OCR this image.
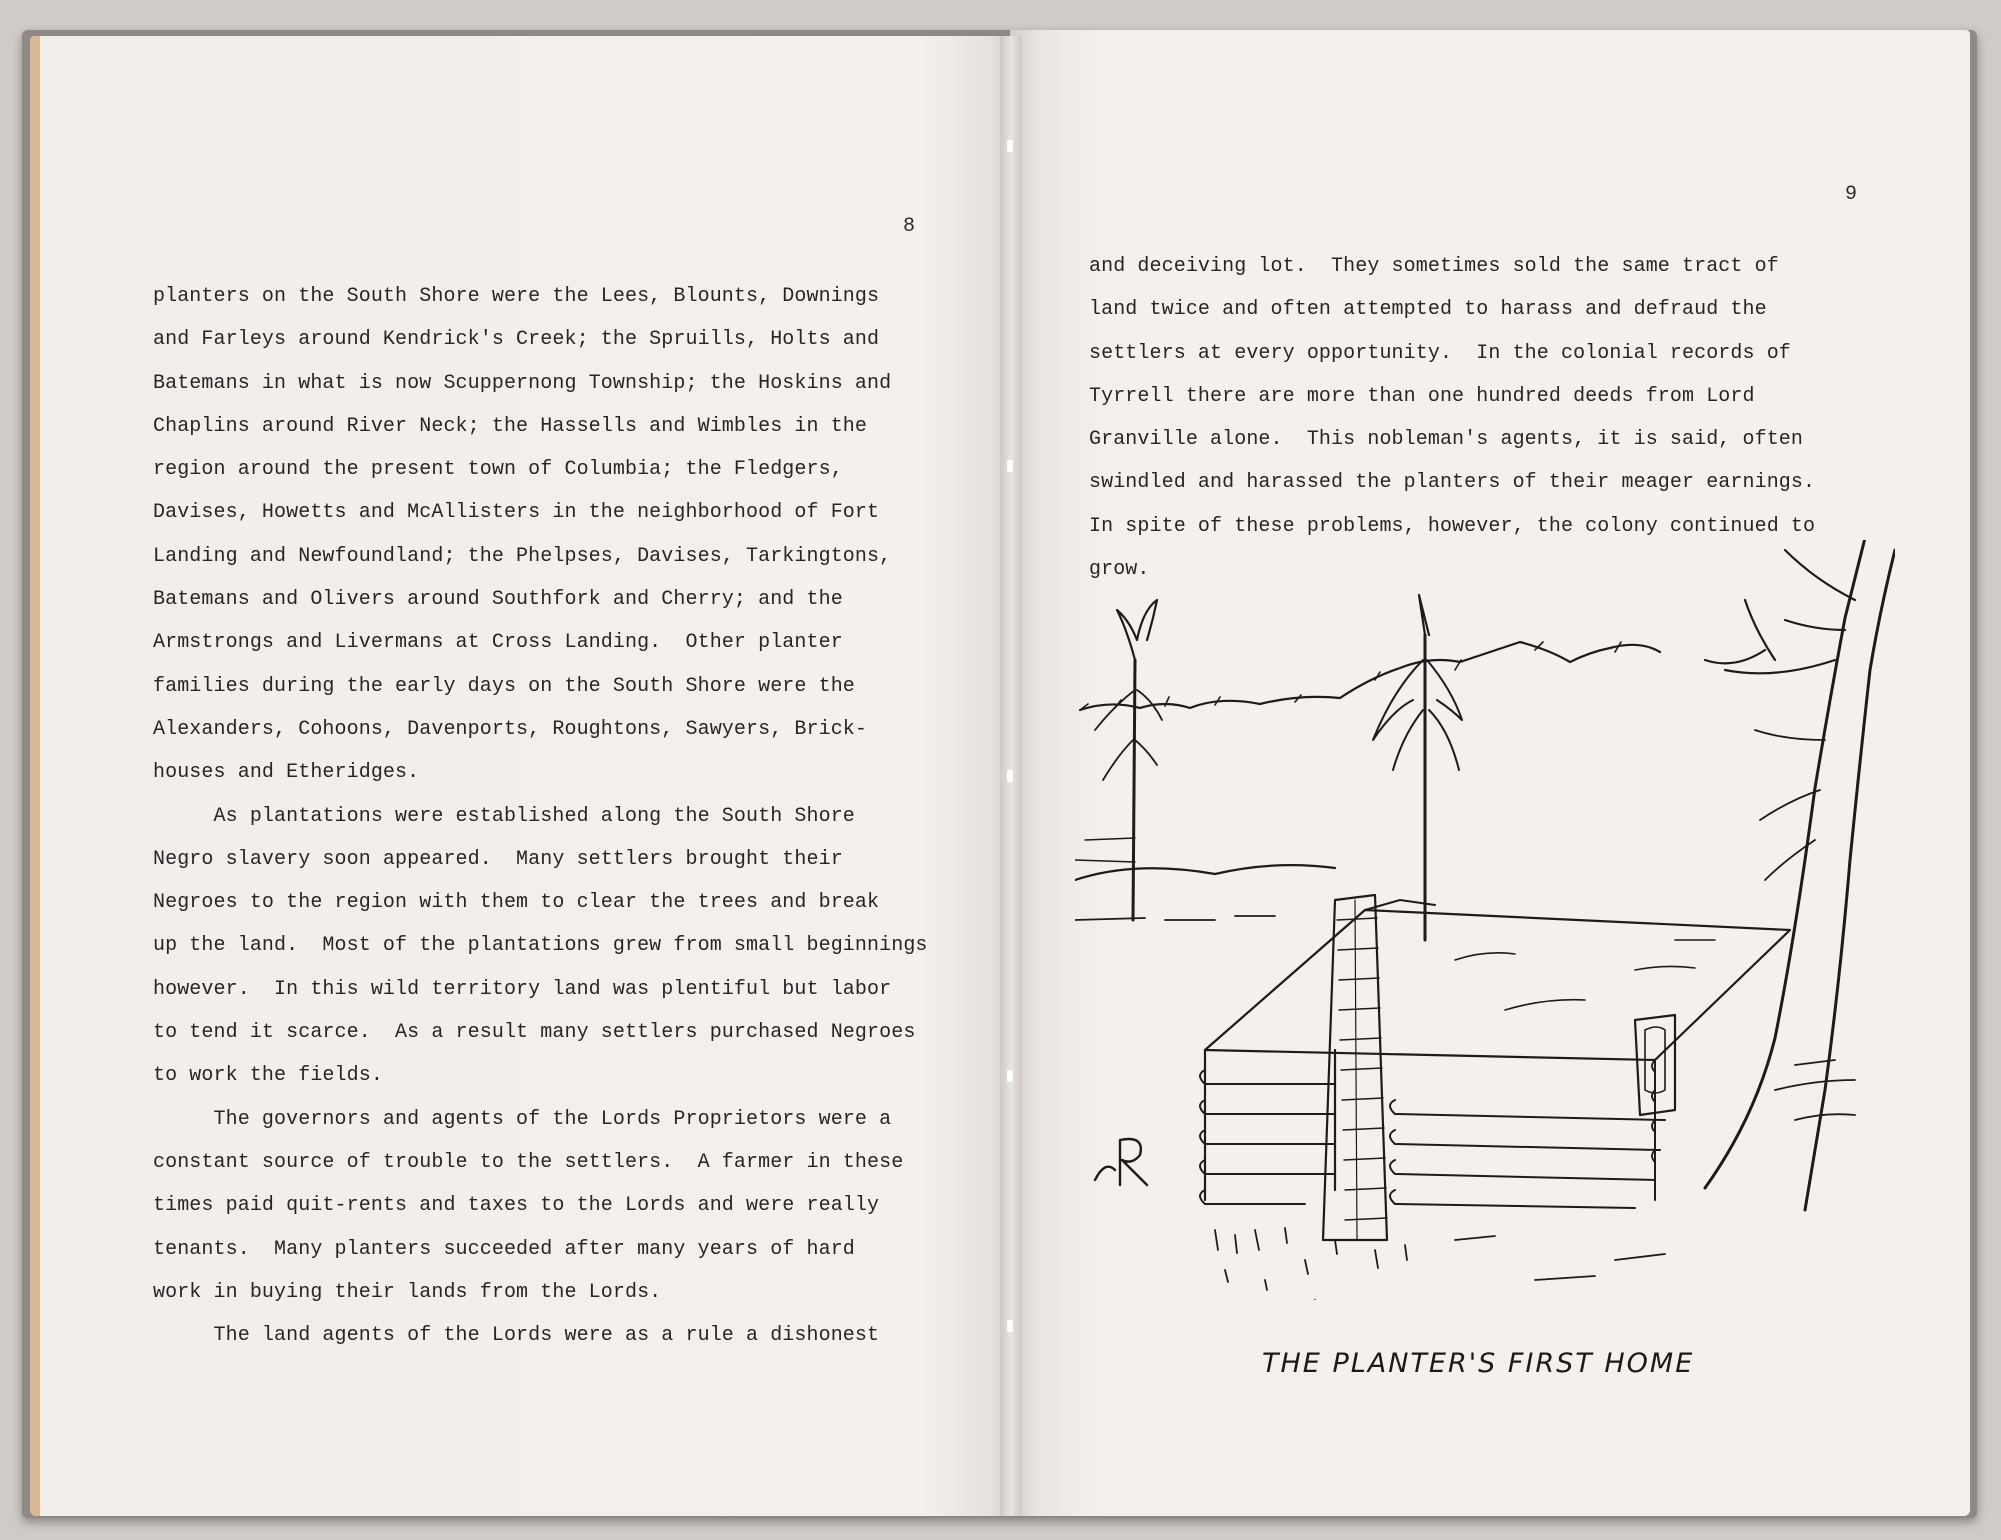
8
planters on the South Shore were the Lees, Blounts, Downings
and Farleys around Kendrick's Creek; the Spruills, Holts and
Batemans in what is now Scuppernong Township; the Hoskins and
Chaplins around River Neck; the Hassells and Wimbles in the
region around the present town of Columbia; the Fledgers,
Davises, Howetts and McAllisters in the neighborhood of Fort
Landing and Newfoundland; the Phelpses, Davises, Tarkingtons,
Batemans and Olivers around Southfork and Cherry; and the
Armstrongs and Livermans at Cross Landing.  Other planter
families during the early days on the South Shore were the
Alexanders, Cohoons, Davenports, Roughtons, Sawyers, Brick-
houses and Etheridges.
As plantations were established along the South Shore
Negro slavery soon appeared.  Many settlers brought their
Negroes to the region with them to clear the trees and break
up the land.  Most of the plantations grew from small beginnings
however.  In this wild territory land was plentiful but labor
to tend it scarce.  As a result many settlers purchased Negroes
to work the fields.
The governors and agents of the Lords Proprietors were a
constant source of trouble to the settlers.  A farmer in these
times paid quit-rents and taxes to the Lords and were really
tenants.  Many planters succeeded after many years of hard
work in buying their lands from the Lords.
The land agents of the Lords were as a rule a dishonest
9
and deceiving lot.  They sometimes sold the same tract of
land twice and often attempted to harass and defraud the
settlers at every opportunity.  In the colonial records of
Tyrrell there are more than one hundred deeds from Lord
Granville alone.  This nobleman's agents, it is said, often
swindled and harassed the planters of their meager earnings.
In spite of these problems, however, the colony continued to
grow.
THE PLANTER'S FIRST HOME
